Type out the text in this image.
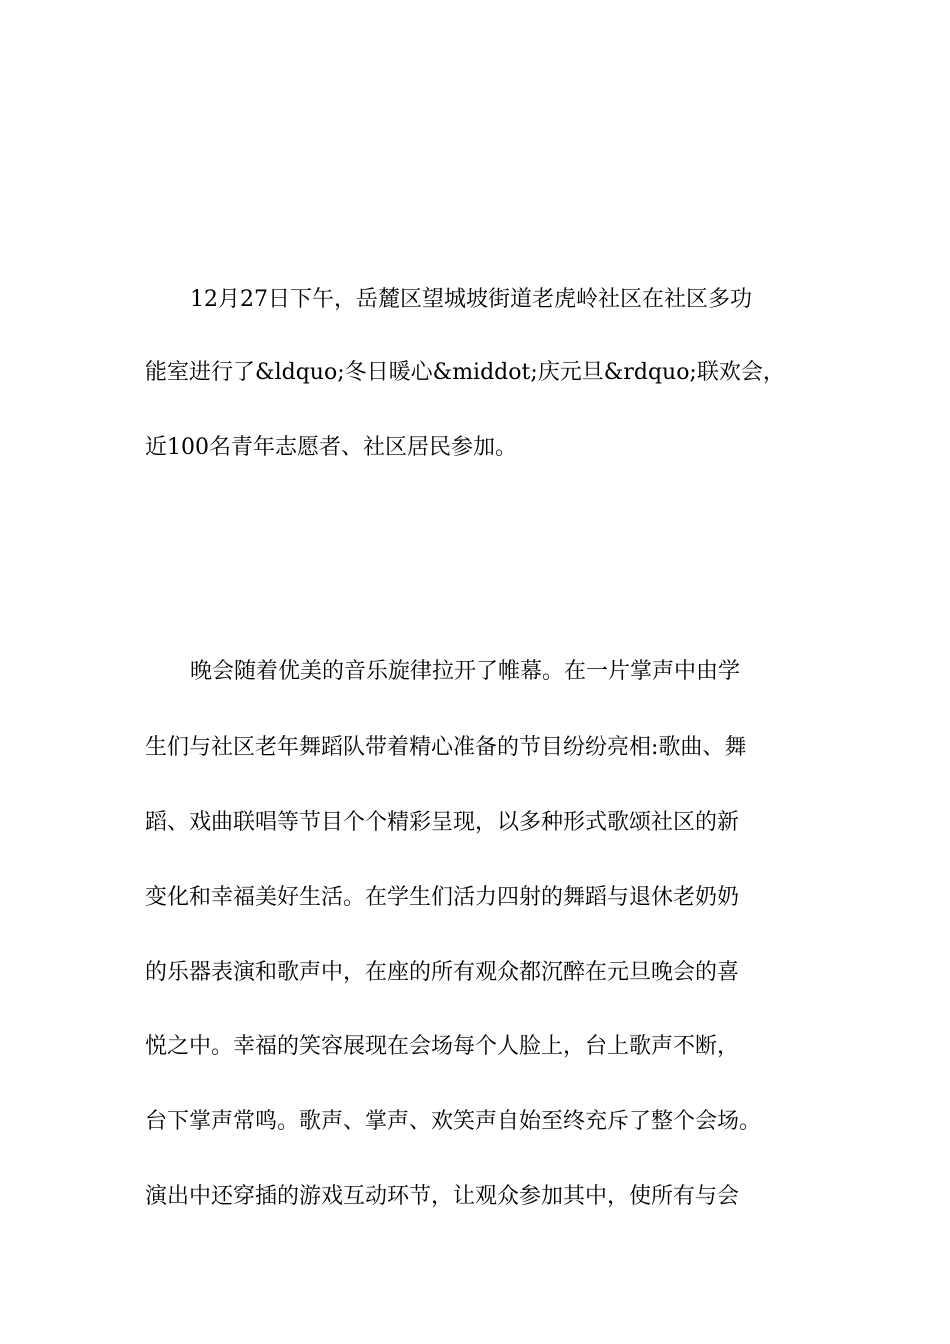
12月27日下午，岳麓区望城坡街道老虎岭社区在社区多功
能室进行了&ldquo;冬日暖心&middot;庆元旦&rdquo;联欢会，
近100名青年志愿者、社区居民参加。
晚会随着优美的音乐旋律拉开了帷幕。在一片掌声中由学
生们与社区老年舞蹈队带着精心准备的节目纷纷亮相:歌曲、舞
蹈、戏曲联唱等节目个个精彩呈现，以多种形式歌颂社区的新
变化和幸福美好生活。在学生们活力四射的舞蹈与退休老奶奶
的乐器表演和歌声中，在座的所有观众都沉醉在元旦晚会的喜
悦之中。幸福的笑容展现在会场每个人脸上，台上歌声不断，
台下掌声常鸣。歌声、掌声、欢笑声自始至终充斥了整个会场。
演出中还穿插的游戏互动环节，让观众参加其中，使所有与会
